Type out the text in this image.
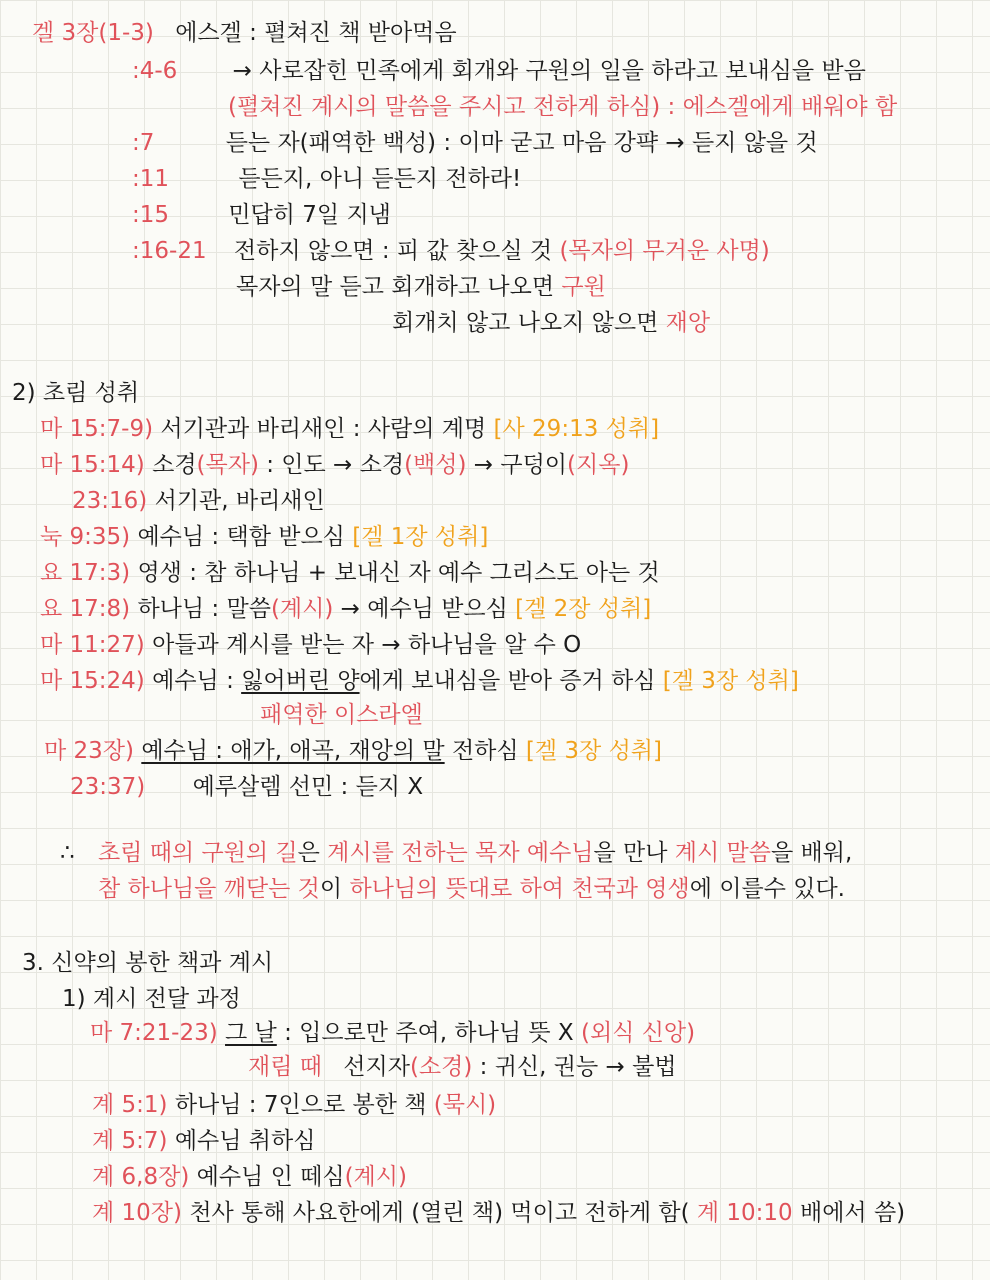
겔 3장(1-3) 에스겔 : 펼쳐진 책 받아먹음
:4-6 → 사로잡힌 민족에게 회개와 구원의 일을 하라고 보내심을 받음
(펼쳐진 계시의 말씀을 주시고 전하게 하심) : 에스겔에게 배워야 함
:7	듣는 자(패역한 백성) : 이마 굳고 마음 강퍅 → 듣지 않을 것
:11	듣든지, 아니 듣든지 전하라!
:15	민답히 7일 지냄
:16-21 전하지 않으면 : 피 값 찾으실 것 (목자의 무거운 사명)
목자의 말 듣고 회개하고 나오면 구원
회개치 않고 나오지 않으면 재앙
2) 초림 성취
마 15:7-9) 서기관과 바리새인 : 사람의 계명 [사 29:13 성취]
마 15:14) 소경(목자) : 인도 → 소경(백성) → 구덩이(지옥)
23:16) 서기관, 바리새인
눅 9:35) 예수님 : 택함 받으심 [겔 1장 성취]
요 17:3) 영생 : 참 하나님 + 보내신 자 예수 그리스도 아는 것
요 17:8) 하나님 : 말씀(계시) → 예수님 받으심 [겔 2장 성취]
마 11:27) 아들과 계시를 받는 자 → 하나님을 알 수 O
마 15:24) 예수님 : 잃어버린 양에게 보내심을 받아 증거 하심 [겔 3장 성취]
패역한 이스라엘
마 23장) 예수님 : 애가, 애곡, 재앙의 말 전하심 [겔 3장 성취]
23:37) 예루살렘 선민 : 듣지 X
∴ 초림 때의 구원의 길은 계시를 전하는 목자 예수님을 만나 계시 말씀을 배워,
참 하나님을 깨닫는 것이 하나님의 뜻대로 하여 천국과 영생에 이를수 있다.
3. 신약의 봉한 책과 계시
1) 계시 전달 과정
마 7:21-23) 그 날 : 입으로만 주여, 하나님 뜻 X (외식 신앙)
재림 때 선지자(소경) : 귀신, 권능 → 불법
계 5:1) 하나님 : 7인으로 봉한 책 (묵시)
계 5:7) 예수님 취하심
계 6,8장) 예수님 인 떼심(계시)
계 10장) 천사 통해 사요한에게 (열린 책) 먹이고 전하게 함( 계 10:10 배에서 씀)
